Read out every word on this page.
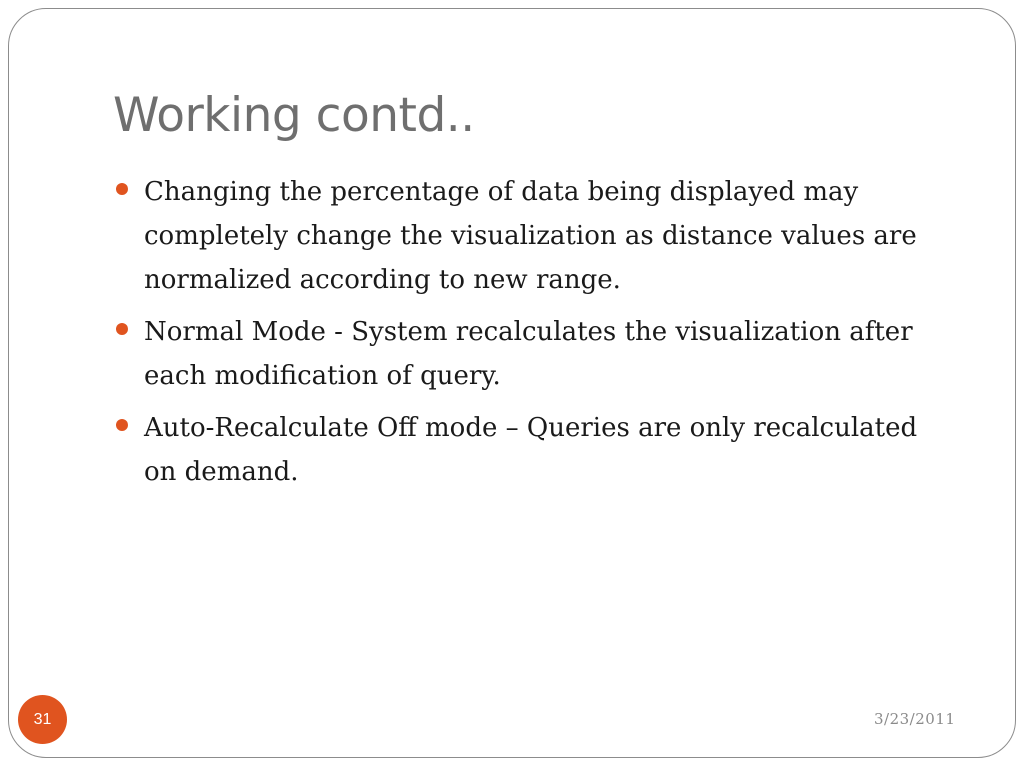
Working contd..
Changing the percentage of data being displayed may completely change the visualization as distance values are normalized according to new range.
Normal Mode - System recalculates the visualization after each modification of query.
Auto-Recalculate Off mode – Queries are only recalculated on demand.
31	3/23/2011
